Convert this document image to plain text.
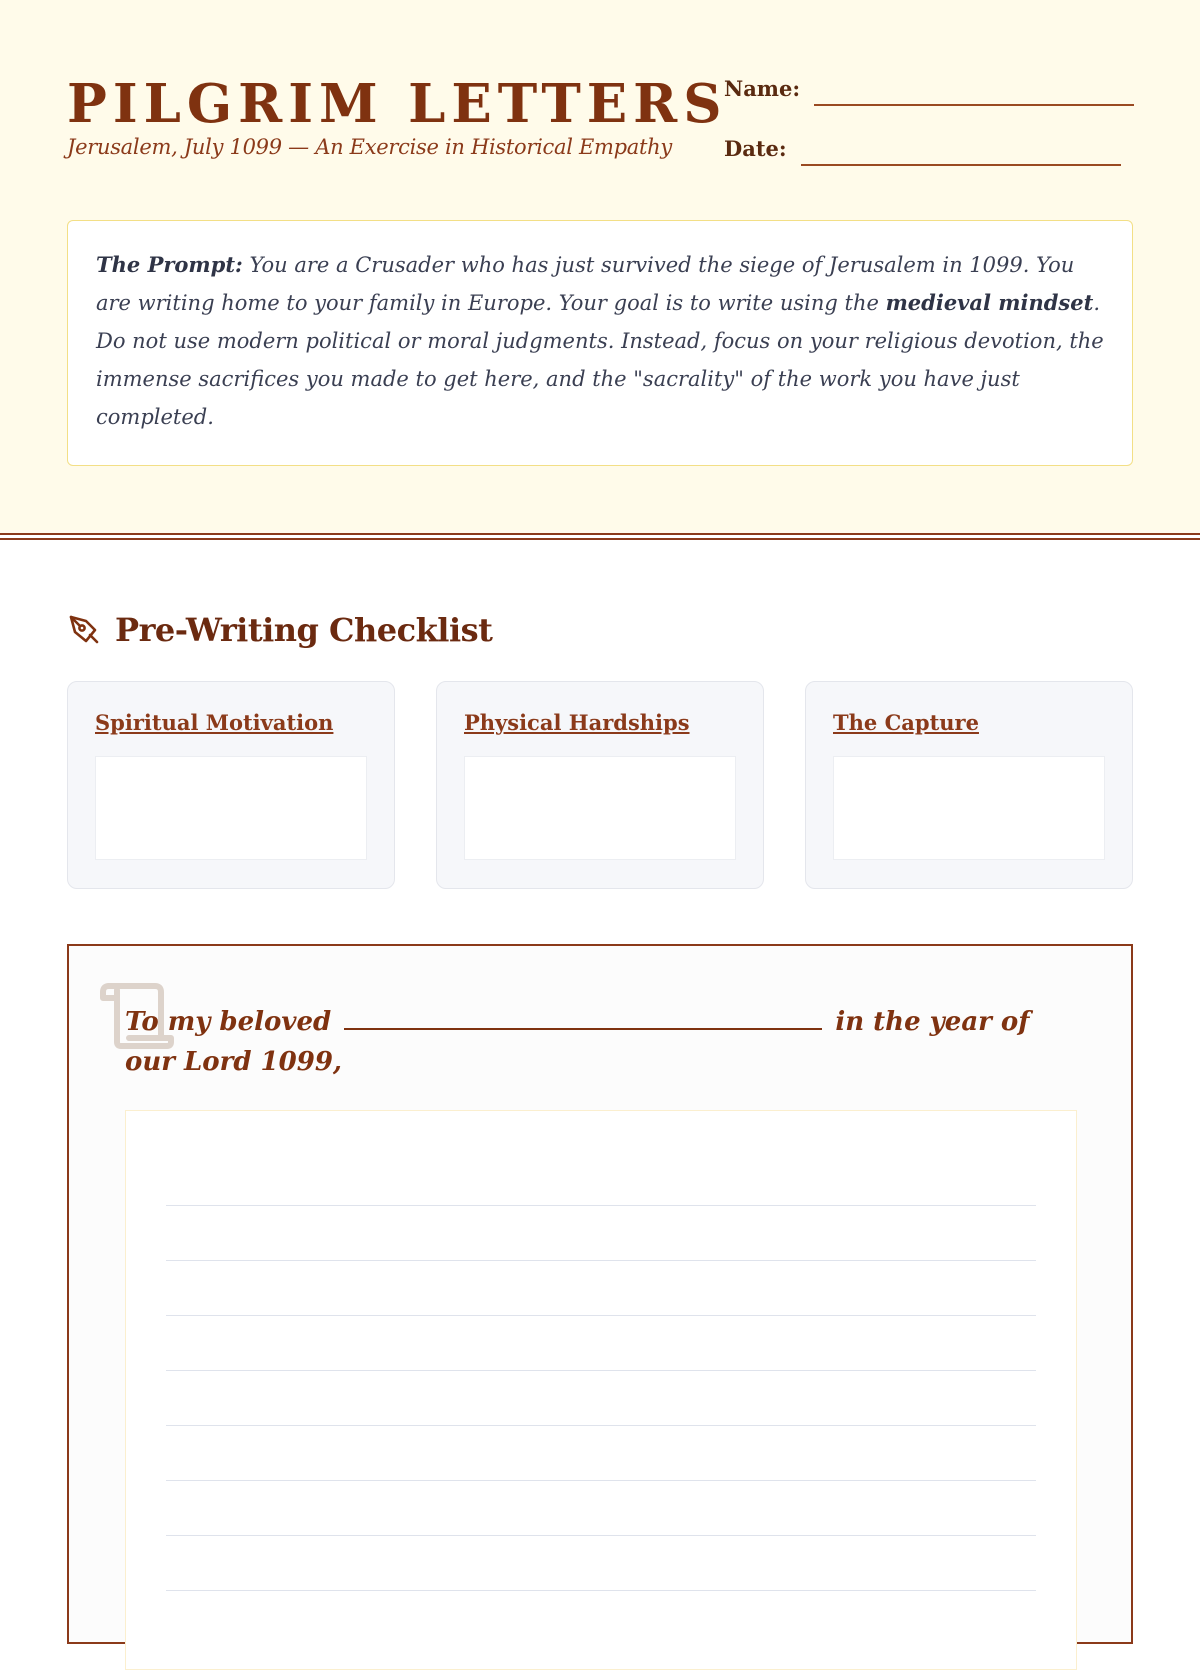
PILGRIM LETTERS
Jerusalem, July 1099 — An Exercise in Historical Empathy
Name:
Date:
The Prompt: You are a Crusader who has just survived the siege of Jerusalem in 1099. You are writing home to your family in Europe. Your goal is to write using the medieval mindset. Do not use modern political or moral judgments. Instead, focus on your religious devotion, the immense sacrifices you made to get here, and the "sacrality" of the work you have just completed.
Pre-Writing Checklist
Spiritual Motivation	Physical Hardships	The Capture
To my beloved	in the year of our Lord 1099,
